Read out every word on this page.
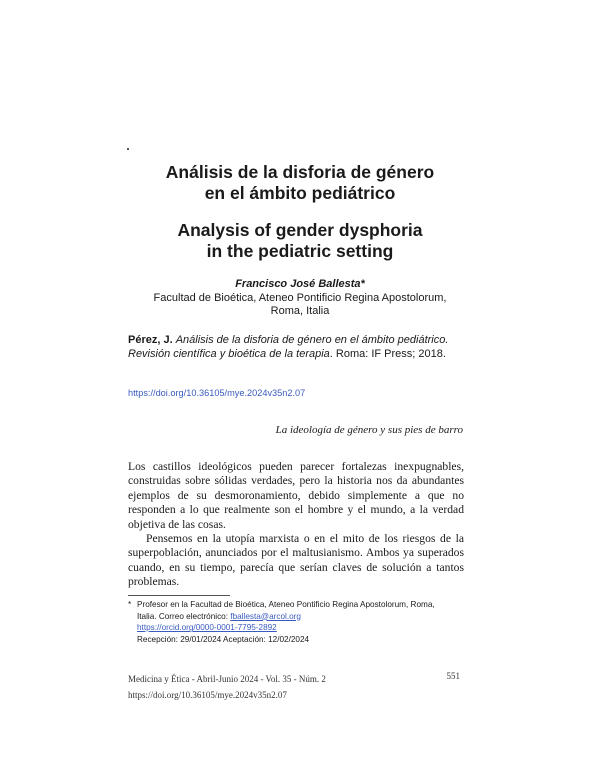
Análisis de la disforia de género
en el ámbito pediátrico
Analysis of gender dysphoria
in the pediatric setting
Francisco José Ballesta*
Facultad de Bioética, Ateneo Pontificio Regina Apostolorum,
Roma, Italia
Pérez, J. Análisis de la disforia de género en el ámbito pediátrico.
Revisión científica y bioética de la terapia. Roma: IF Press; 2018.
https://doi.org/10.36105/mye.2024v35n2.07
La ideología de género y sus pies de barro

Los castillos ideológicos pueden parecer fortalezas inexpugnables, construidas sobre sólidas verdades, pero la historia nos da abundantes ejemplos de su desmoronamiento, debido simplemente a que no responden a lo que realmente son el hombre y el mundo, a la verdad objetiva de las cosas.

Pensemos en la utopía marxista o en el mito de los riesgos de la superpoblación, anunciados por el maltusianismo. Ambos ya superados cuando, en su tiempo, parecía que serían claves de solución a tantos problemas.

* Profesor en la Facultad de Bioética, Ateneo Pontificio Regina Apostolorum, Roma,
Italia. Correo electrónico: fballesta@arcol.org
https://orcid.org/0000-0001-7795-2892
Recepción: 29/01/2024 Aceptación: 12/02/2024
Medicina y Ética - Abril-Junio 2024 - Vol. 35 - Núm. 2
https://doi.org/10.36105/mye.2024v35n2.07
551
